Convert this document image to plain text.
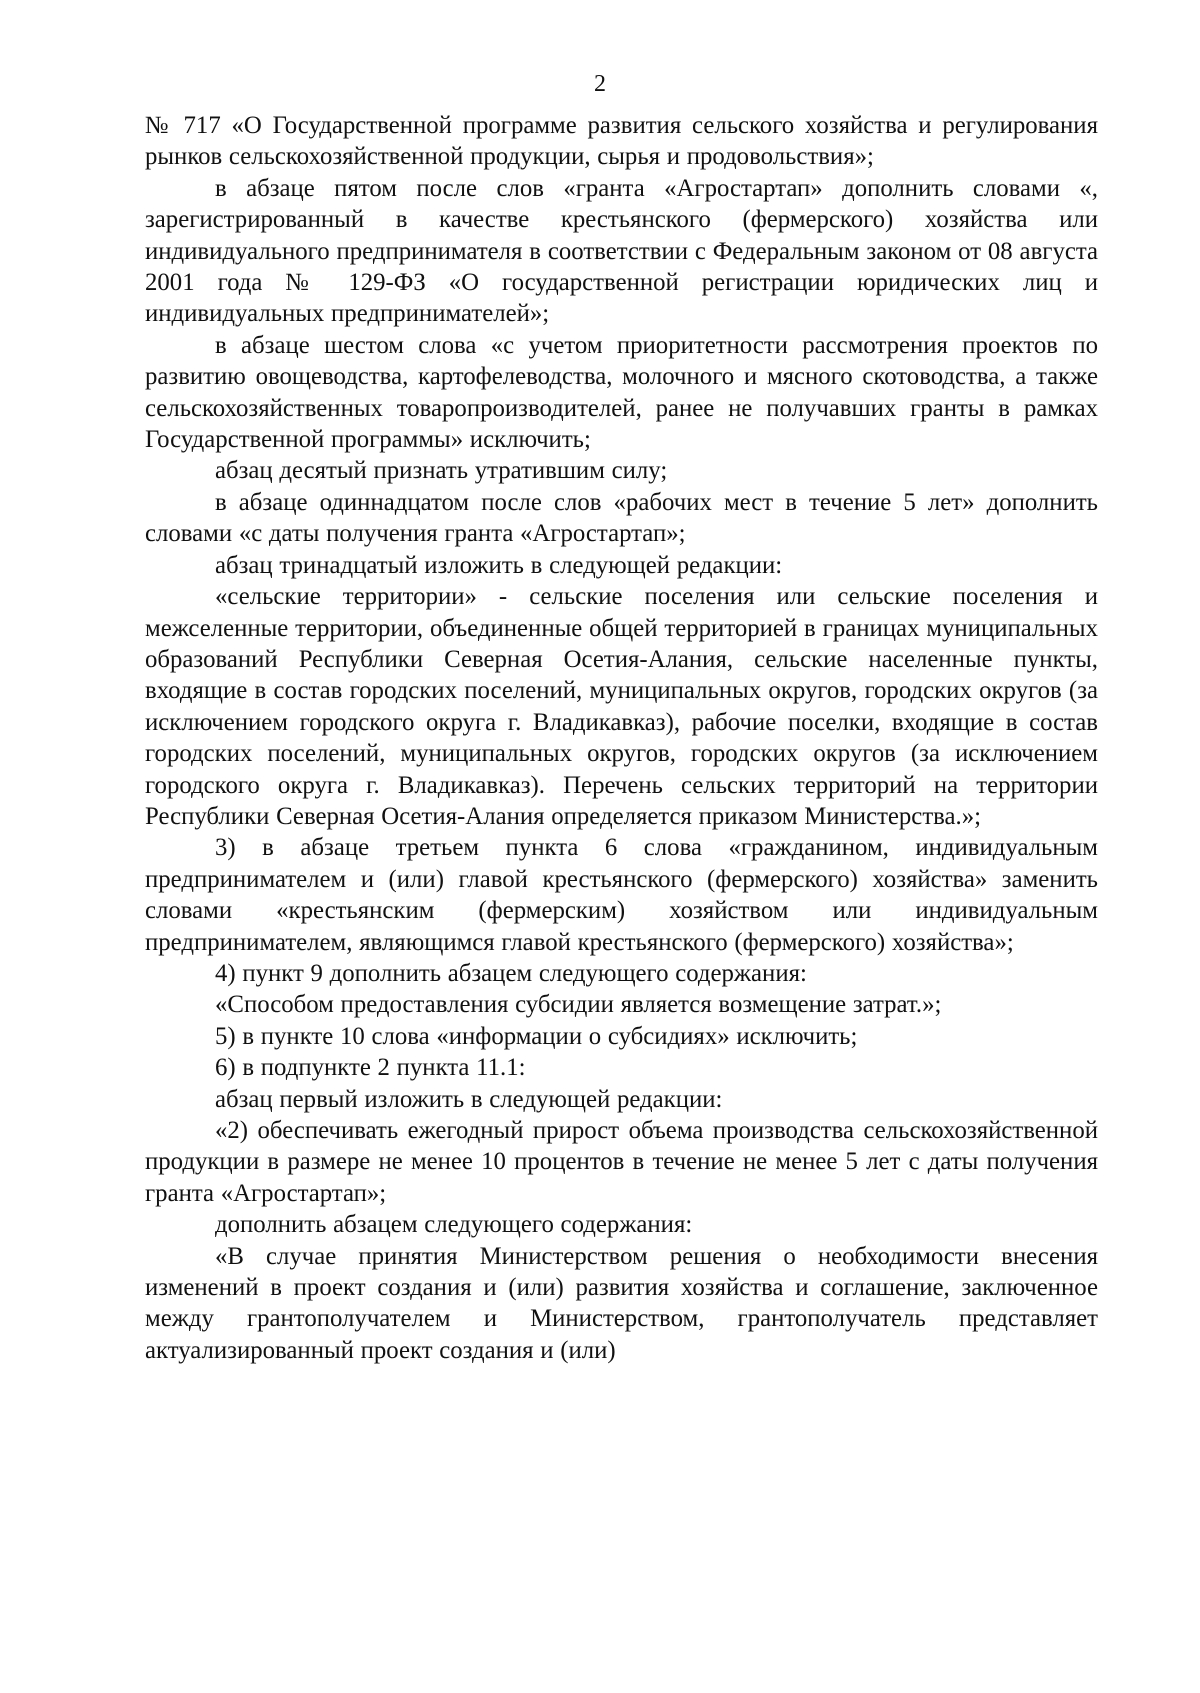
2

№ 717 «О Государственной программе развития сельского хозяйства и регулирования рынков сельскохозяйственной продукции, сырья и продовольствия»;

в абзаце пятом после слов «гранта «Агростартап» дополнить словами «, зарегистрированный в качестве крестьянского (фермерского) хозяйства или индивидуального предпринимателя в соответствии с Федеральным законом от 08 августа 2001 года № 129-ФЗ «О государственной регистрации юридических лиц и индивидуальных предпринимателей»;

в абзаце шестом слова «с учетом приоритетности рассмотрения проектов по развитию овощеводства, картофелеводства, молочного и мясного скотоводства, а также сельскохозяйственных товаропроизводителей, ранее не получавших гранты в рамках Государственной программы» исключить;

абзац десятый признать утратившим силу;

в абзаце одиннадцатом после слов «рабочих мест в течение 5 лет» дополнить словами «с даты получения гранта «Агростартап»;

абзац тринадцатый изложить в следующей редакции:

«сельские территории» - сельские поселения или сельские поселения и межселенные территории, объединенные общей территорией в границах муниципальных образований Республики Северная Осетия-Алания, сельские населенные пункты, входящие в состав городских поселений, муниципальных округов, городских округов (за исключением городского округа г. Владикавказ), рабочие поселки, входящие в состав городских поселений, муниципальных округов, городских округов (за исключением городского округа г. Владикавказ). Перечень сельских территорий на территории Республики Северная Осетия-Алания определяется приказом Министерства.»;

3) в абзаце третьем пункта 6 слова «гражданином, индивидуальным предпринимателем и (или) главой крестьянского (фермерского) хозяйства» заменить словами «крестьянским (фермерским) хозяйством или индивидуальным предпринимателем, являющимся главой крестьянского (фермерского) хозяйства»;

4) пункт 9 дополнить абзацем следующего содержания:

«Способом предоставления субсидии является возмещение затрат.»;

5) в пункте 10 слова «информации о субсидиях» исключить;

6) в подпункте 2 пункта 11.1:

абзац первый изложить в следующей редакции:

«2) обеспечивать ежегодный прирост объема производства сельскохозяйственной продукции в размере не менее 10 процентов в течение не менее 5 лет с даты получения гранта «Агростартап»;

дополнить абзацем следующего содержания:

«В случае принятия Министерством решения о необходимости внесения изменений в проект создания и (или) развития хозяйства и соглашение, заключенное между грантополучателем и Министерством, грантополучатель представляет актуализированный проект создания и (или)
